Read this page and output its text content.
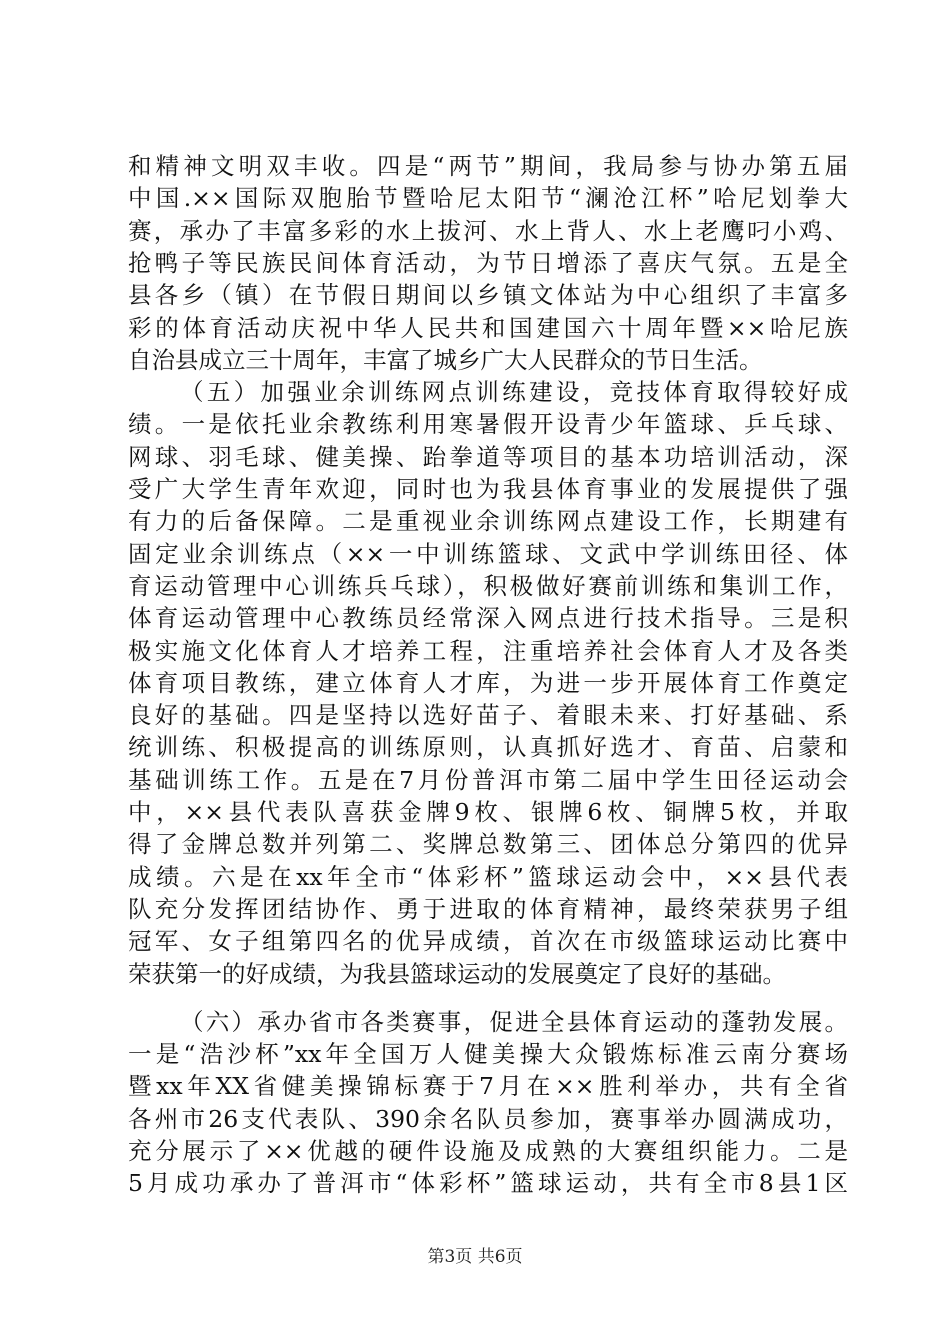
和精神文明双丰收。四是“两节”期间，我局参与协办第五届
中国.××国际双胞胎节暨哈尼太阳节“澜沧江杯”哈尼划拳大
赛，承办了丰富多彩的水上拔河、水上背人、水上老鹰叼小鸡、
抢鸭子等民族民间体育活动，为节日增添了喜庆气氛。五是全
县各乡（镇）在节假日期间以乡镇文体站为中心组织了丰富多
彩的体育活动庆祝中华人民共和国建国六十周年暨××哈尼族
自治县成立三十周年，丰富了城乡广大人民群众的节日生活。
（五）加强业余训练网点训练建设，竞技体育取得较好成
绩。一是依托业余教练利用寒暑假开设青少年篮球、乒乓球、
网球、羽毛球、健美操、跆拳道等项目的基本功培训活动，深
受广大学生青年欢迎，同时也为我县体育事业的发展提供了强
有力的后备保障。二是重视业余训练网点建设工作，长期建有
固定业余训练点（××一中训练篮球、文武中学训练田径、体
育运动管理中心训练兵乓球），积极做好赛前训练和集训工作，
体育运动管理中心教练员经常深入网点进行技术指导。三是积
极实施文化体育人才培养工程，注重培养社会体育人才及各类
体育项目教练，建立体育人才库，为进一步开展体育工作奠定
良好的基础。四是坚持以选好苗子、着眼未来、打好基础、系
统训练、积极提高的训练原则，认真抓好选才、育苗、启蒙和
基础训练工作。五是在7月份普洱市第二届中学生田径运动会
中，××县代表队喜获金牌9枚、银牌6枚、铜牌5枚，并取
得了金牌总数并列第二、奖牌总数第三、团体总分第四的优异
成绩。六是在xx年全市“体彩杯”篮球运动会中，××县代表
队充分发挥团结协作、勇于进取的体育精神，最终荣获男子组
冠军、女子组第四名的优异成绩，首次在市级篮球运动比赛中
荣获第一的好成绩，为我县篮球运动的发展奠定了良好的基础。
（六）承办省市各类赛事，促进全县体育运动的蓬勃发展。
一是“浩沙杯”xx年全国万人健美操大众锻炼标准云南分赛场
暨xx年XX省健美操锦标赛于7月在××胜利举办，共有全省
各州市26支代表队、390余名队员参加，赛事举办圆满成功，
充分展示了××优越的硬件设施及成熟的大赛组织能力。二是
5月成功承办了普洱市“体彩杯”篮球运动，共有全市8县1区
第3页 共6页
